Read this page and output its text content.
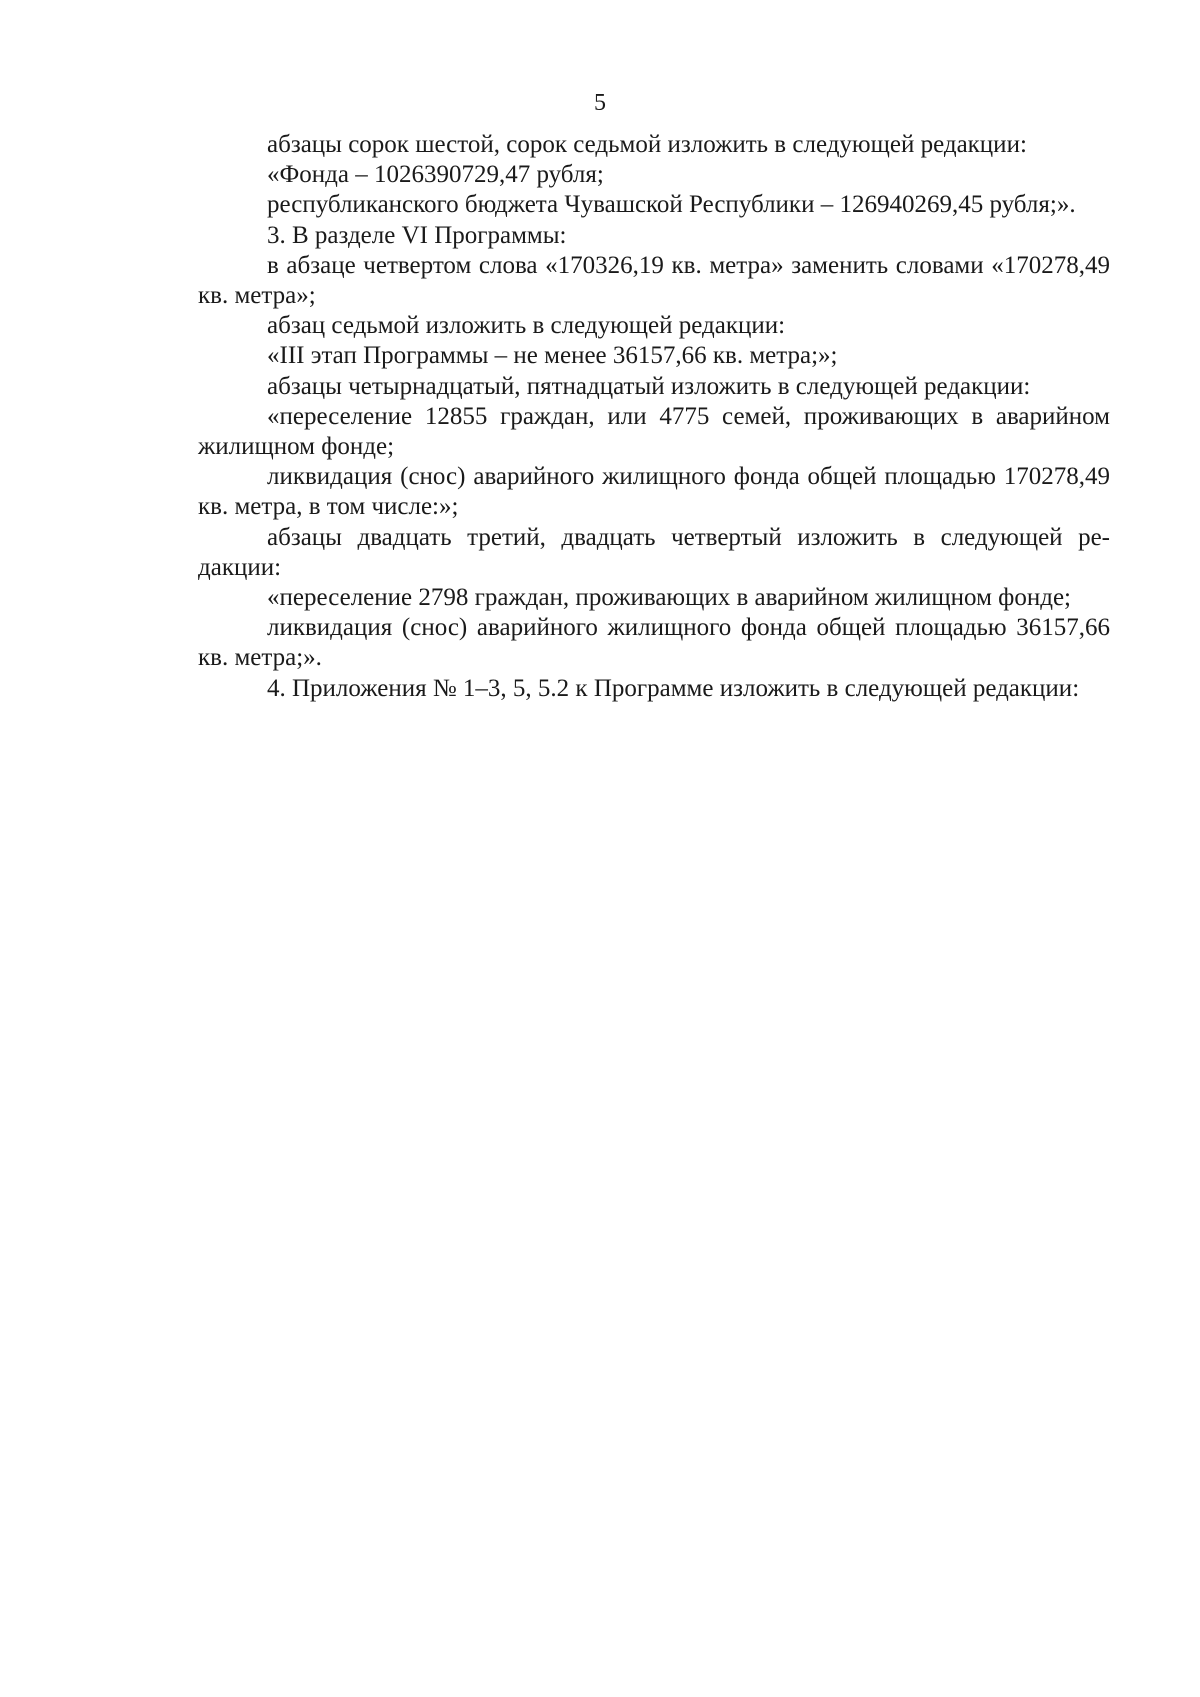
5

абзацы сорок шестой, сорок седьмой изложить в следующей редакции:

«Фонда – 1026390729,47 рубля;

республиканского бюджета Чувашской Республики – 126940269,45 рубля;».

3. В разделе VI Программы:

в абзаце четвертом слова «170326,19 кв. метра» заменить словами «170278,49 кв. метра»;

абзац седьмой изложить в следующей редакции:

«III этап Программы – не менее 36157,66 кв. метра;»;

абзацы четырнадцатый, пятнадцатый изложить в следующей редакции:

«переселение 12855 граждан, или 4775 семей, проживающих в аварийном жилищном фонде;

ликвидация (снос) аварийного жилищного фонда общей площадью 170278,49 кв. метра, в том числе:»;

абзацы двадцать третий, двадцать четвертый изложить в следующей редакции:

«переселение 2798 граждан, проживающих в аварийном жилищном фонде;

ликвидация (снос) аварийного жилищного фонда общей площадью 36157,66 кв. метра;».

4. Приложения № 1–3, 5, 5.2 к Программе изложить в следующей редакции:
